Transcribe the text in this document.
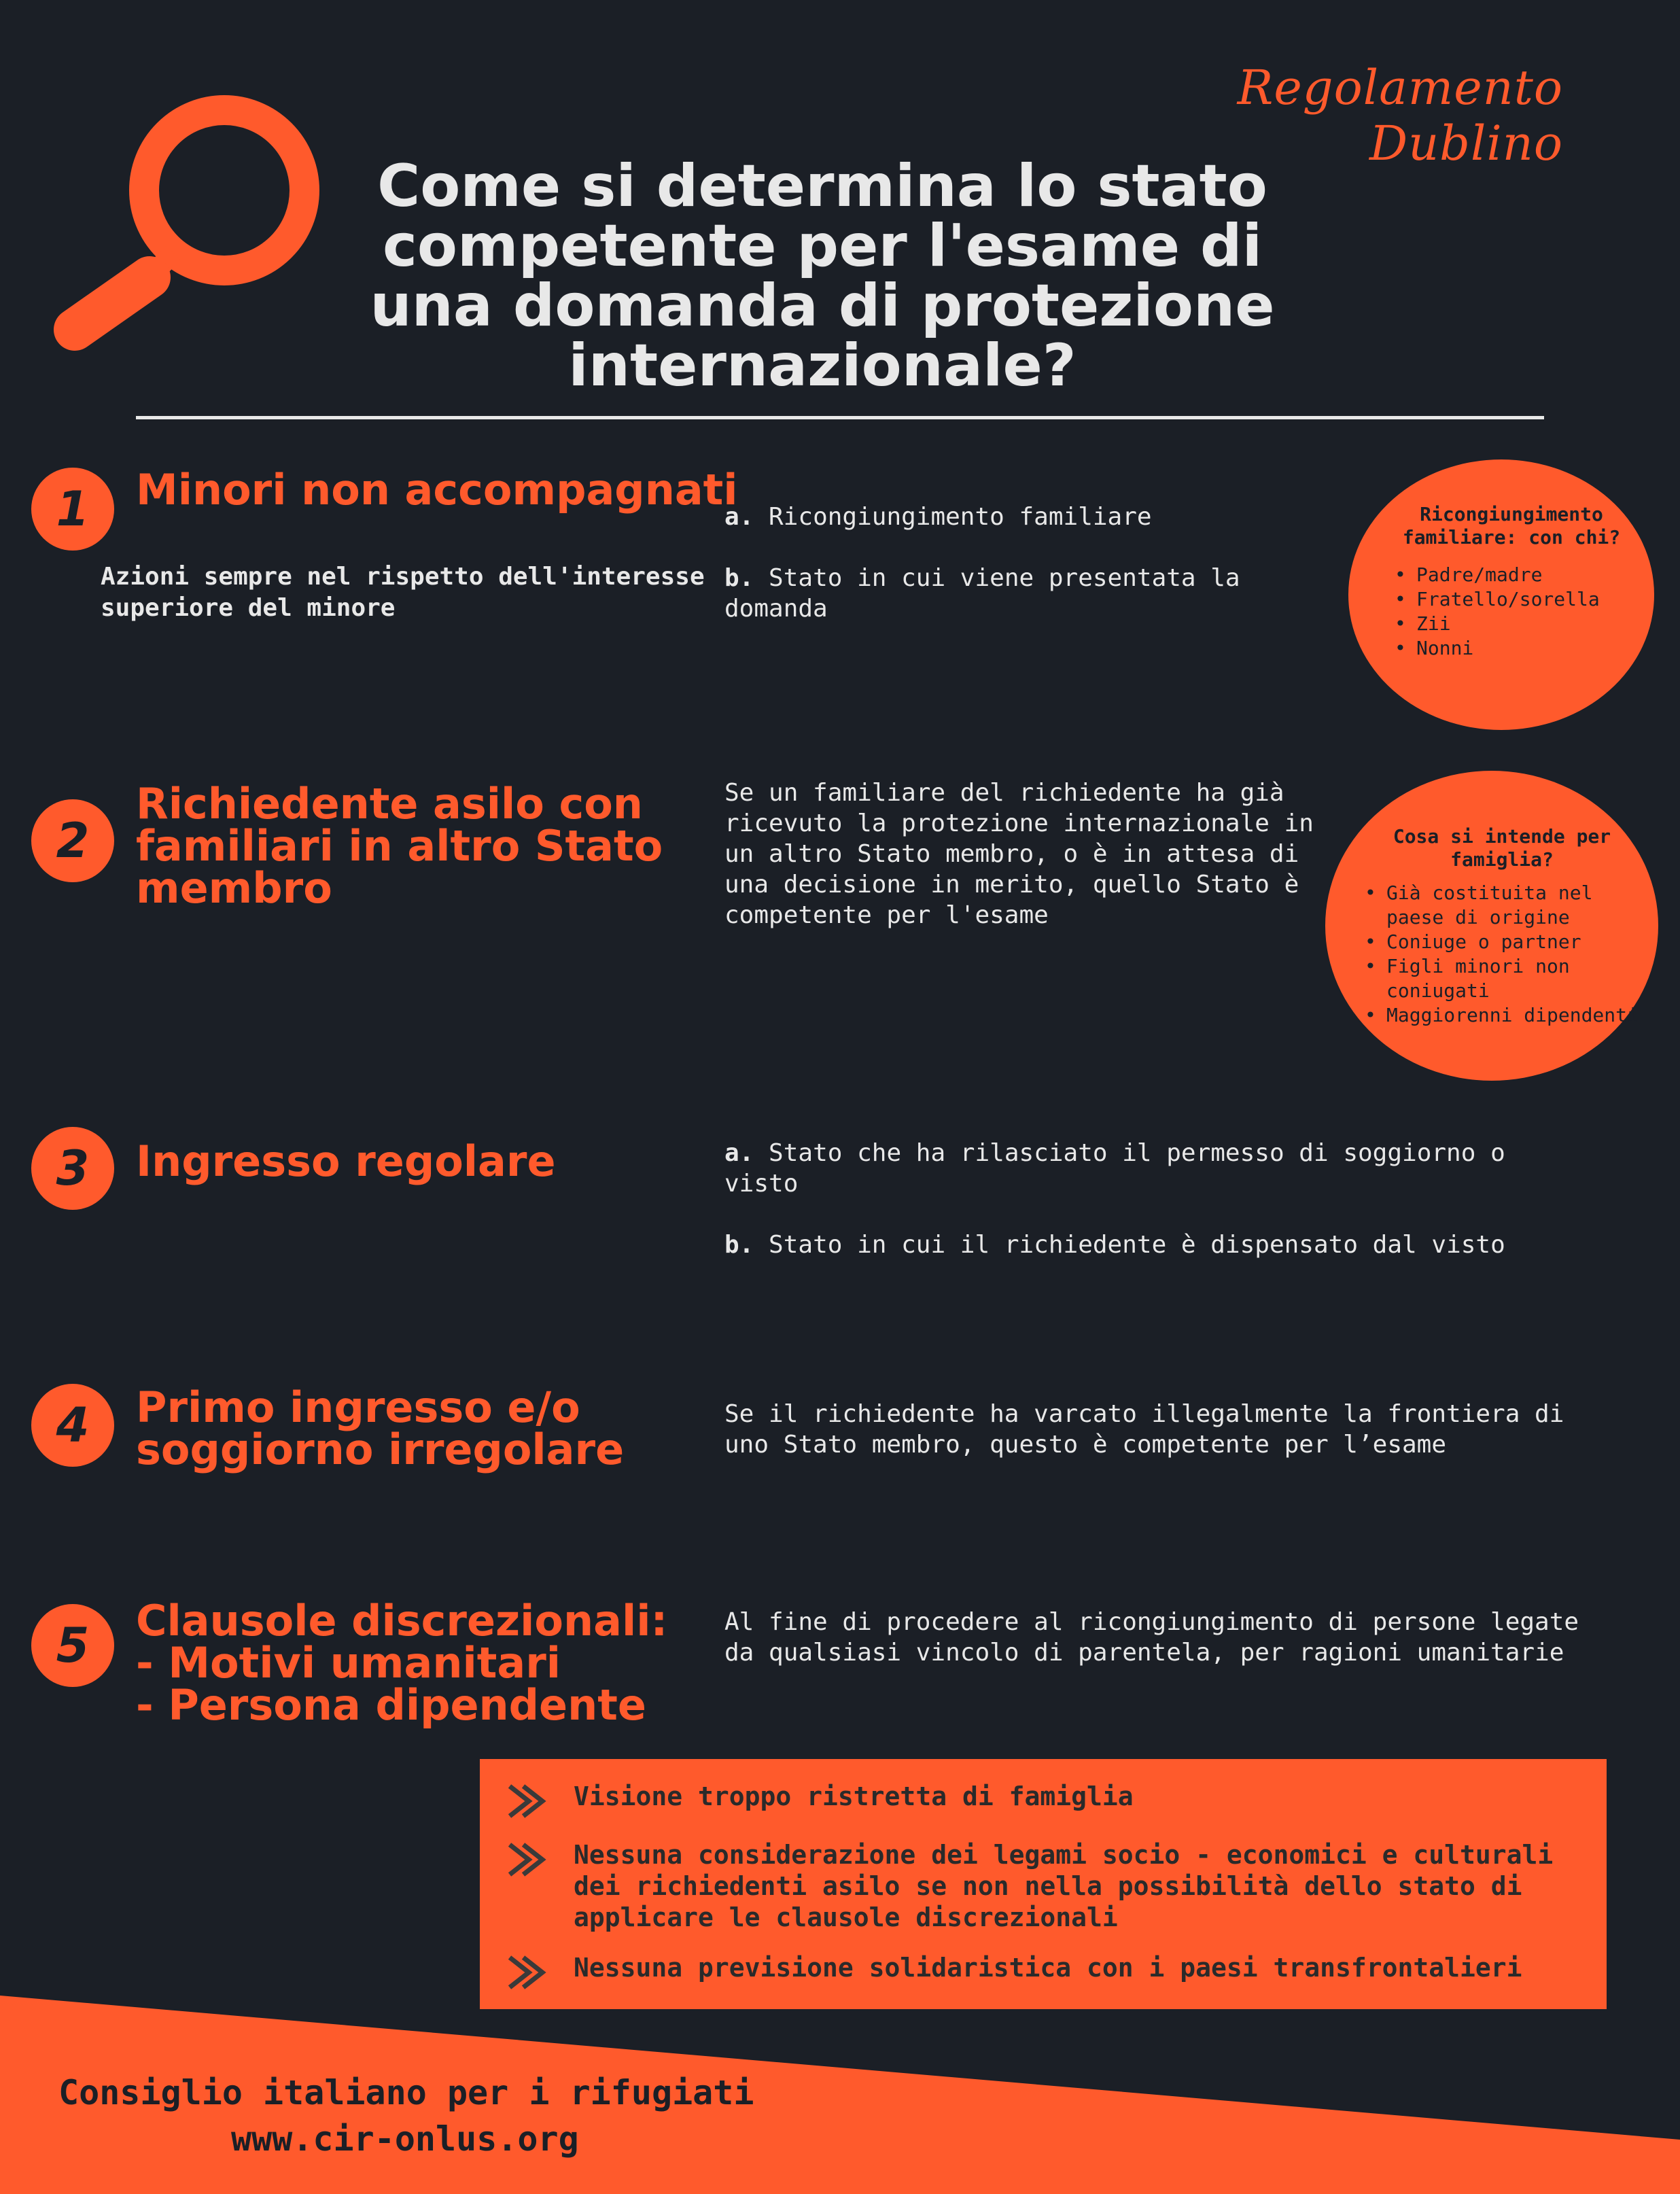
Regolamento Dublino
Come si determina lo stato competente per l'esame di una domanda di protezione internazionale?
1	Minori non accompagnati
Azioni sempre nel rispetto dell'interesse superiore del minore
a. Ricongiungimento familiare
b. Stato in cui viene presentata la domanda
Ricongiungimento familiare: con chi?
• Padre/madre
• Fratello/sorella
• Zii
• Nonni
2
Richiedente asilo con familiari in altro Stato membro
Se un familiare del richiedente ha già ricevuto la protezione internazionale in un altro Stato membro, o è in attesa di una decisione in merito, quello Stato è competente per l'esame
Cosa si intende per famiglia?
• Già costituita nel paese di origine
• Coniuge o partner
• Figli minori non coniugati
• Maggiorenni dipendenti
3	Ingresso regolare	a. Stato che ha rilasciato il permesso di soggiorno o visto
b. Stato in cui il richiedente è dispensato dal visto
4	Primo ingresso e/o soggiorno irregolare
Se il richiedente ha varcato illegalmente la frontiera di uno Stato membro, questo è competente per l’esame
5	Clausole discrezionali:
- Motivi umanitari
- Persona dipendente
Al fine di procedere al ricongiungimento di persone legate da qualsiasi vincolo di parentela, per ragioni umanitarie
Visione troppo ristretta di famiglia
Nessuna considerazione dei legami socio - economici e culturali dei richiedenti asilo se non nella possibilità dello stato di applicare le clausole discrezionali
Nessuna previsione solidaristica con i paesi transfrontalieri
Consiglio italiano per i rifugiati
www.cir-onlus.org
